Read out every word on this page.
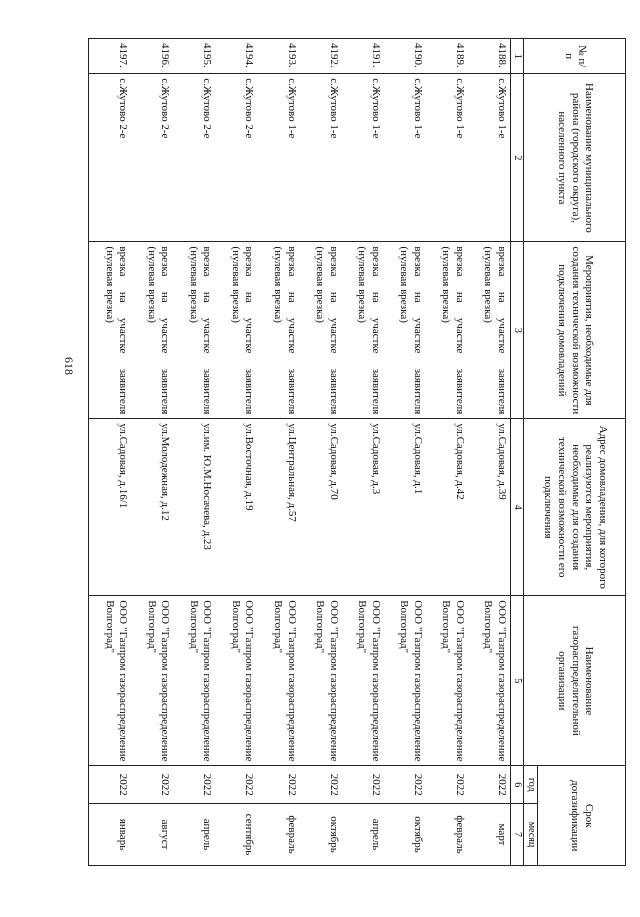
618
№ п/п	Наименование муниципального района (городского округа), населенного пункта	Мероприятия, необходимые для создания технической возможности подключения домовладений	Адрес домовладения, для которого реализуются мероприятия, необходимые для создания технической возможности его подключения	Наименование газораспределительной организации	Срок догазификации	
					год	месяц
1	2	3	4	5	6	7
4188.	с.Жутово 1-е	врезка на участке заявителя (нулевая врезка)	ул.Садовая, д.39	ООО "Газпром газораспределение Волгоград"	2022	март
4189.	с.Жутово 1-е	врезка на участке заявителя (нулевая врезка)	ул.Садовая, д.42	ООО "Газпром газораспределение Волгоград"	2022	февраль
4190.	с.Жутово 1-е	врезка на участке заявителя (нулевая врезка)	ул.Садовая, д.1	ООО "Газпром газораспределение Волгоград"	2022	октябрь
4191.	с.Жутово 1-е	врезка на участке заявителя (нулевая врезка)	ул.Садовая, д.3	ООО "Газпром газораспределение Волгоград"	2022	апрель
4192.	с.Жутово 1-е	врезка на участке заявителя (нулевая врезка)	ул.Садовая, д.70	ООО "Газпром газораспределение Волгоград"	2022	октябрь
4193.	с.Жутово 1-е	врезка на участке заявителя (нулевая врезка)	ул.Центральная, д.57	ООО "Газпром газораспределение Волгоград"	2022	февраль
4194.	с.Жутово 2-е	врезка на участке заявителя (нулевая врезка)	ул.Восточная, д.19	ООО "Газпром газораспределение Волгоград"	2022	сентябрь
4195.	с.Жутово 2-е	врезка на участке заявителя (нулевая врезка)	ул.им. Ю.М.Носачева, д.23	ООО "Газпром газораспределение Волгоград"	2022	апрель
4196.	с.Жутово 2-е	врезка на участке заявителя (нулевая врезка)	ул.Молодежная, д.12	ООО "Газпром газораспределение Волгоград"	2022	август
4197.	с.Жутово 2-е	врезка на участке заявителя (нулевая врезка)	ул.Садовая, д.16/1	ООО "Газпром газораспределение Волгоград"	2022	январь
